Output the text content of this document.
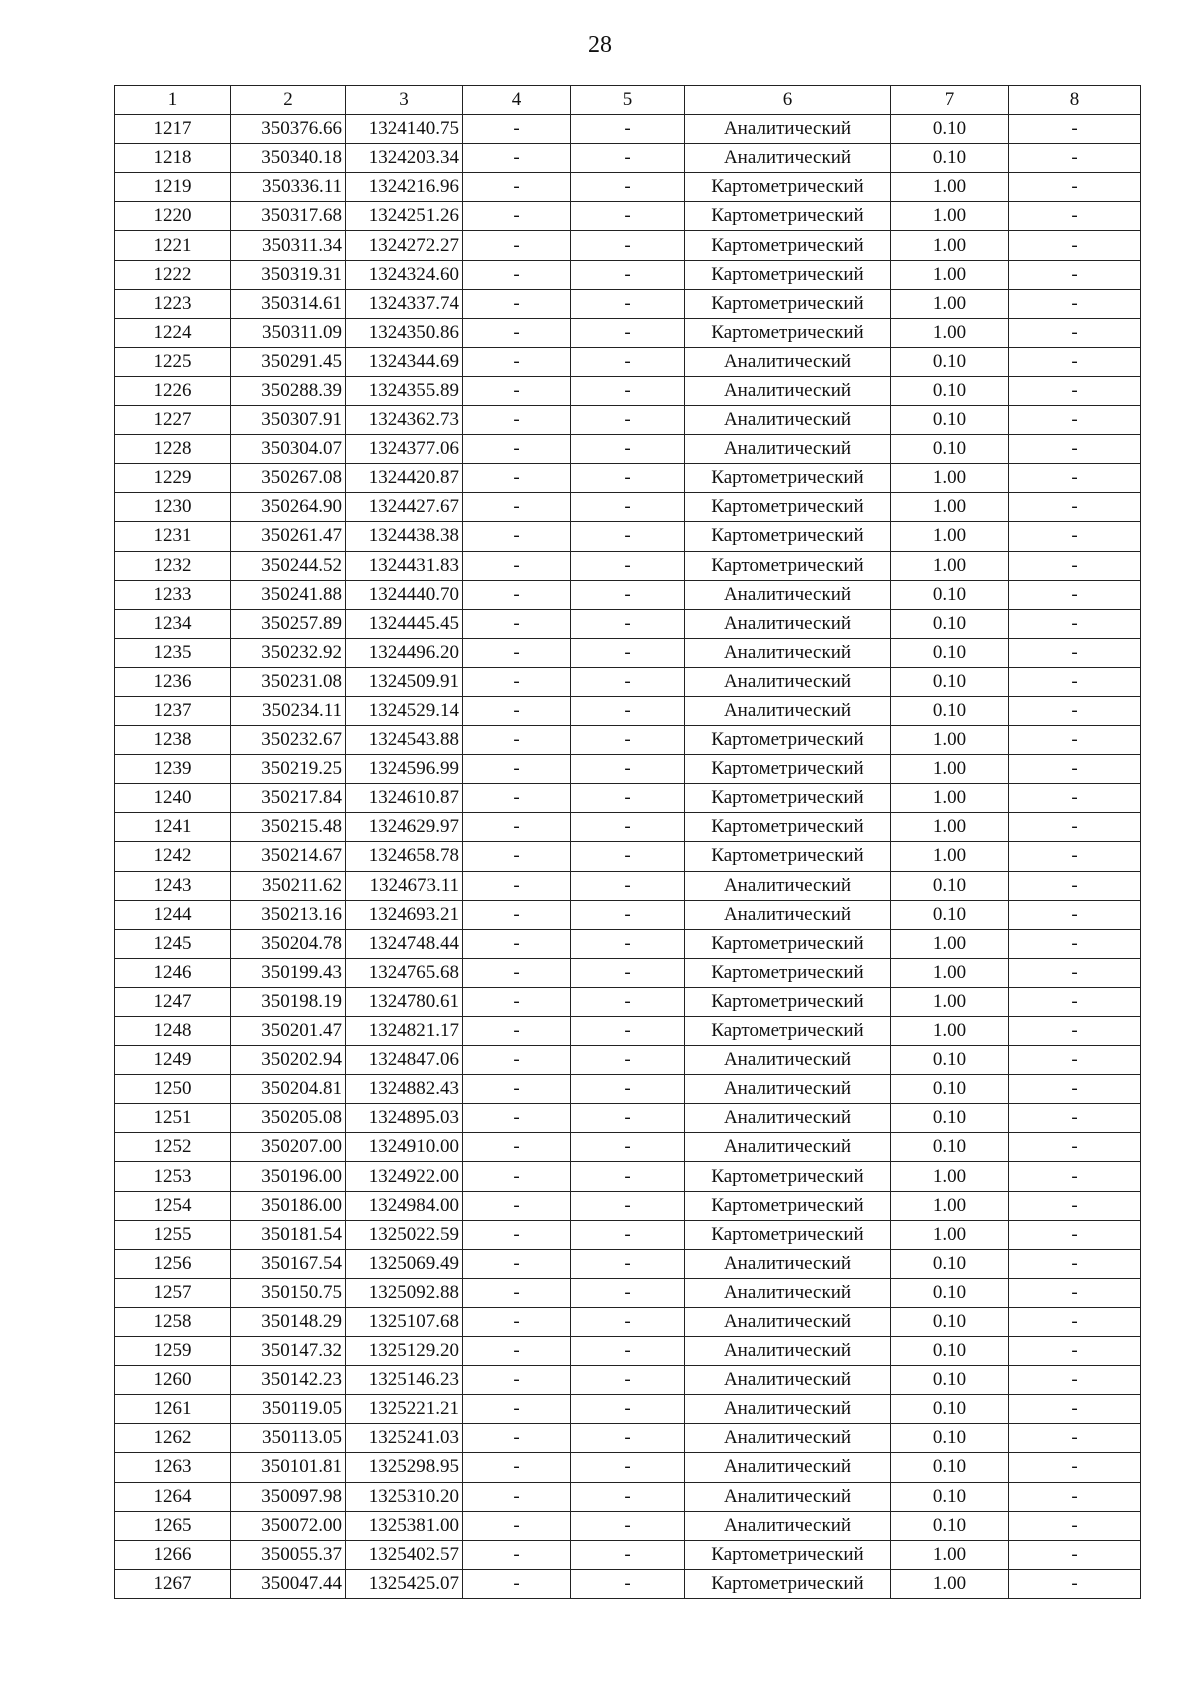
28
1	2	3	4	5	6	7	8
1217	350376.66	1324140.75	-	-	Аналитический	0.10	-
1218	350340.18	1324203.34	-	-	Аналитический	0.10	-
1219	350336.11	1324216.96	-	-	Картометрический	1.00	-
1220	350317.68	1324251.26	-	-	Картометрический	1.00	-
1221	350311.34	1324272.27	-	-	Картометрический	1.00	-
1222	350319.31	1324324.60	-	-	Картометрический	1.00	-
1223	350314.61	1324337.74	-	-	Картометрический	1.00	-
1224	350311.09	1324350.86	-	-	Картометрический	1.00	-
1225	350291.45	1324344.69	-	-	Аналитический	0.10	-
1226	350288.39	1324355.89	-	-	Аналитический	0.10	-
1227	350307.91	1324362.73	-	-	Аналитический	0.10	-
1228	350304.07	1324377.06	-	-	Аналитический	0.10	-
1229	350267.08	1324420.87	-	-	Картометрический	1.00	-
1230	350264.90	1324427.67	-	-	Картометрический	1.00	-
1231	350261.47	1324438.38	-	-	Картометрический	1.00	-
1232	350244.52	1324431.83	-	-	Картометрический	1.00	-
1233	350241.88	1324440.70	-	-	Аналитический	0.10	-
1234	350257.89	1324445.45	-	-	Аналитический	0.10	-
1235	350232.92	1324496.20	-	-	Аналитический	0.10	-
1236	350231.08	1324509.91	-	-	Аналитический	0.10	-
1237	350234.11	1324529.14	-	-	Аналитический	0.10	-
1238	350232.67	1324543.88	-	-	Картометрический	1.00	-
1239	350219.25	1324596.99	-	-	Картометрический	1.00	-
1240	350217.84	1324610.87	-	-	Картометрический	1.00	-
1241	350215.48	1324629.97	-	-	Картометрический	1.00	-
1242	350214.67	1324658.78	-	-	Картометрический	1.00	-
1243	350211.62	1324673.11	-	-	Аналитический	0.10	-
1244	350213.16	1324693.21	-	-	Аналитический	0.10	-
1245	350204.78	1324748.44	-	-	Картометрический	1.00	-
1246	350199.43	1324765.68	-	-	Картометрический	1.00	-
1247	350198.19	1324780.61	-	-	Картометрический	1.00	-
1248	350201.47	1324821.17	-	-	Картометрический	1.00	-
1249	350202.94	1324847.06	-	-	Аналитический	0.10	-
1250	350204.81	1324882.43	-	-	Аналитический	0.10	-
1251	350205.08	1324895.03	-	-	Аналитический	0.10	-
1252	350207.00	1324910.00	-	-	Аналитический	0.10	-
1253	350196.00	1324922.00	-	-	Картометрический	1.00	-
1254	350186.00	1324984.00	-	-	Картометрический	1.00	-
1255	350181.54	1325022.59	-	-	Картометрический	1.00	-
1256	350167.54	1325069.49	-	-	Аналитический	0.10	-
1257	350150.75	1325092.88	-	-	Аналитический	0.10	-
1258	350148.29	1325107.68	-	-	Аналитический	0.10	-
1259	350147.32	1325129.20	-	-	Аналитический	0.10	-
1260	350142.23	1325146.23	-	-	Аналитический	0.10	-
1261	350119.05	1325221.21	-	-	Аналитический	0.10	-
1262	350113.05	1325241.03	-	-	Аналитический	0.10	-
1263	350101.81	1325298.95	-	-	Аналитический	0.10	-
1264	350097.98	1325310.20	-	-	Аналитический	0.10	-
1265	350072.00	1325381.00	-	-	Аналитический	0.10	-
1266	350055.37	1325402.57	-	-	Картометрический	1.00	-
1267	350047.44	1325425.07	-	-	Картометрический	1.00	-
